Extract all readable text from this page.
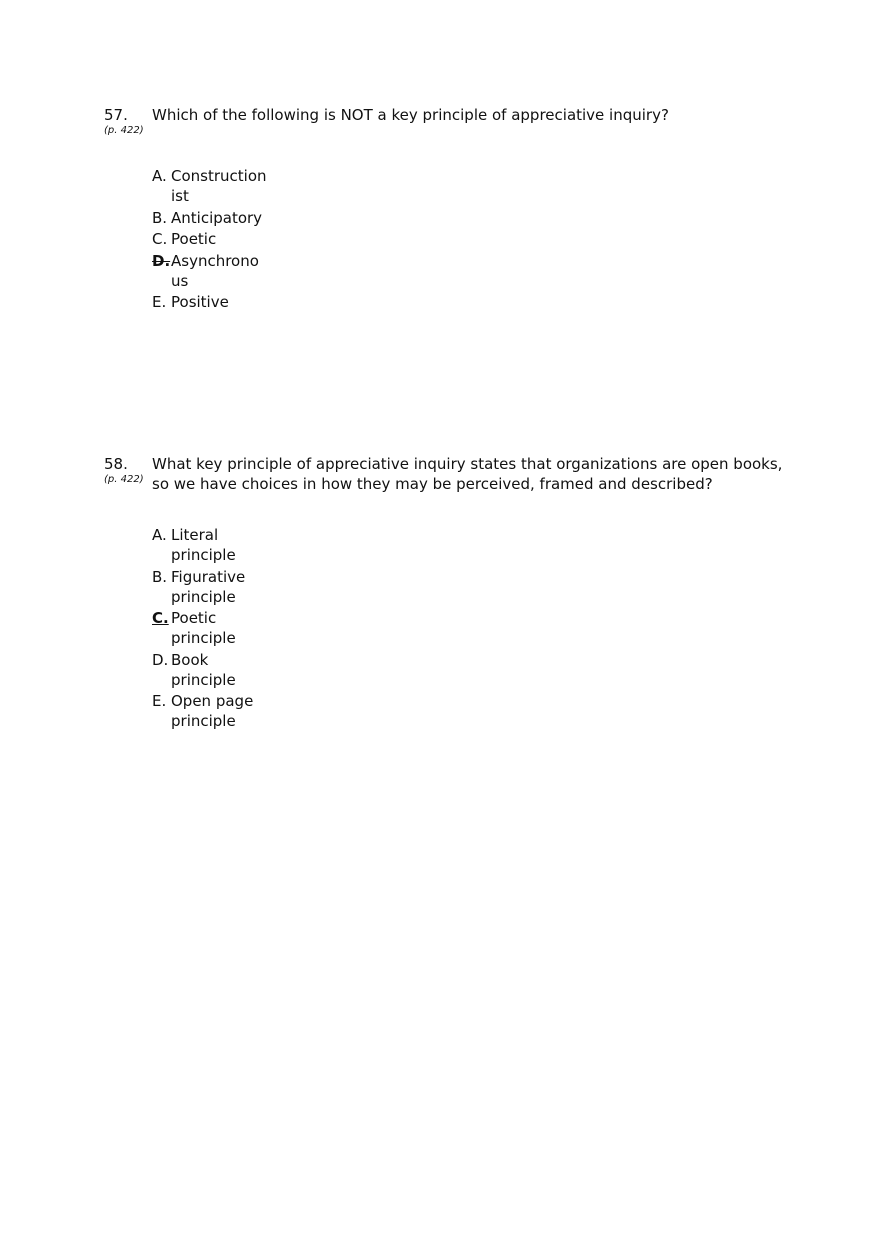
57.
(p. 422)
Which of the following is NOT a key principle of appreciative inquiry?
A. Constructionist
B. Anticipatory
C. Poetic
D. Asynchronous
E. Positive
58.
(p. 422)
What key principle of appreciative inquiry states that organizations are open books, so we have choices in how they may be perceived, framed and described?
A. Literal principle
B. Figurative principle
C. Poetic principle
D. Book principle
E. Open page principle
